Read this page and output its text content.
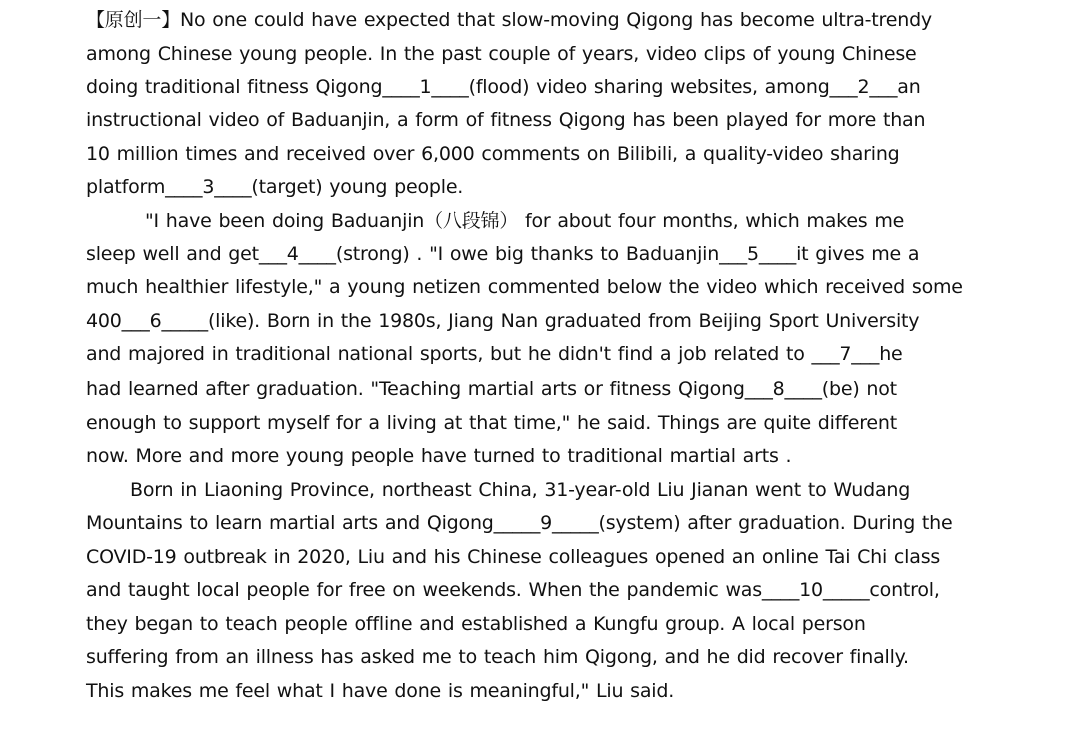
【原创一】No one could have expected that slow-moving Qigong has become ultra-trendy
among Chinese young people. In the past couple of years, video clips of young Chinese
doing traditional fitness Qigong____1____(flood) video sharing websites, among___2___an
instructional video of Baduanjin, a form of fitness Qigong has been played for more than
10 million times and received over 6,000 comments on Bilibili, a quality-video sharing
platform____3____(target) young people.
"I have been doing Baduanjin（八段锦） for about four months, which makes me
sleep well and get___4____(strong) . "I owe big thanks to Baduanjin___5____it gives me a
much healthier lifestyle," a young netizen commented below the video which received some
400___6_____(like). Born in the 1980s, Jiang Nan graduated from Beijing Sport University
and majored in traditional national sports, but he didn't find a job related to ___7___he
had learned after graduation. "Teaching martial arts or fitness Qigong___8____(be) not
enough to support myself for a living at that time," he said. Things are quite different
now. More and more young people have turned to traditional martial arts .
Born in Liaoning Province, northeast China, 31-year-old Liu Jianan went to Wudang
Mountains to learn martial arts and Qigong_____9_____(system) after graduation. During the
COVID-19 outbreak in 2020, Liu and his Chinese colleagues opened an online Tai Chi class
and taught local people for free on weekends. When the pandemic was____10_____control,
they began to teach people offline and established a Kungfu group. A local person
suffering from an illness has asked me to teach him Qigong, and he did recover finally.
This makes me feel what I have done is meaningful," Liu said.
